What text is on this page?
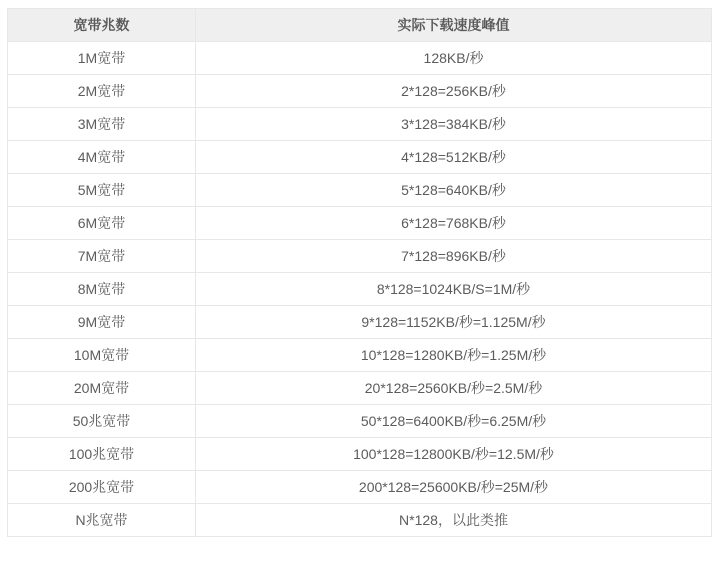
宽带兆数	实际下载速度峰值
1M宽带	128KB/秒
2M宽带	2*128=256KB/秒
3M宽带	3*128=384KB/秒
4M宽带	4*128=512KB/秒
5M宽带	5*128=640KB/秒
6M宽带	6*128=768KB/秒
7M宽带	7*128=896KB/秒
8M宽带	8*128=1024KB/S=1M/秒
9M宽带	9*128=1152KB/秒=1.125M/秒
10M宽带	10*128=1280KB/秒=1.25M/秒
20M宽带	20*128=2560KB/秒=2.5M/秒
50兆宽带	50*128=6400KB/秒=6.25M/秒
100兆宽带	100*128=12800KB/秒=12.5M/秒
200兆宽带	200*128=25600KB/秒=25M/秒
N兆宽带	N*128，以此类推
